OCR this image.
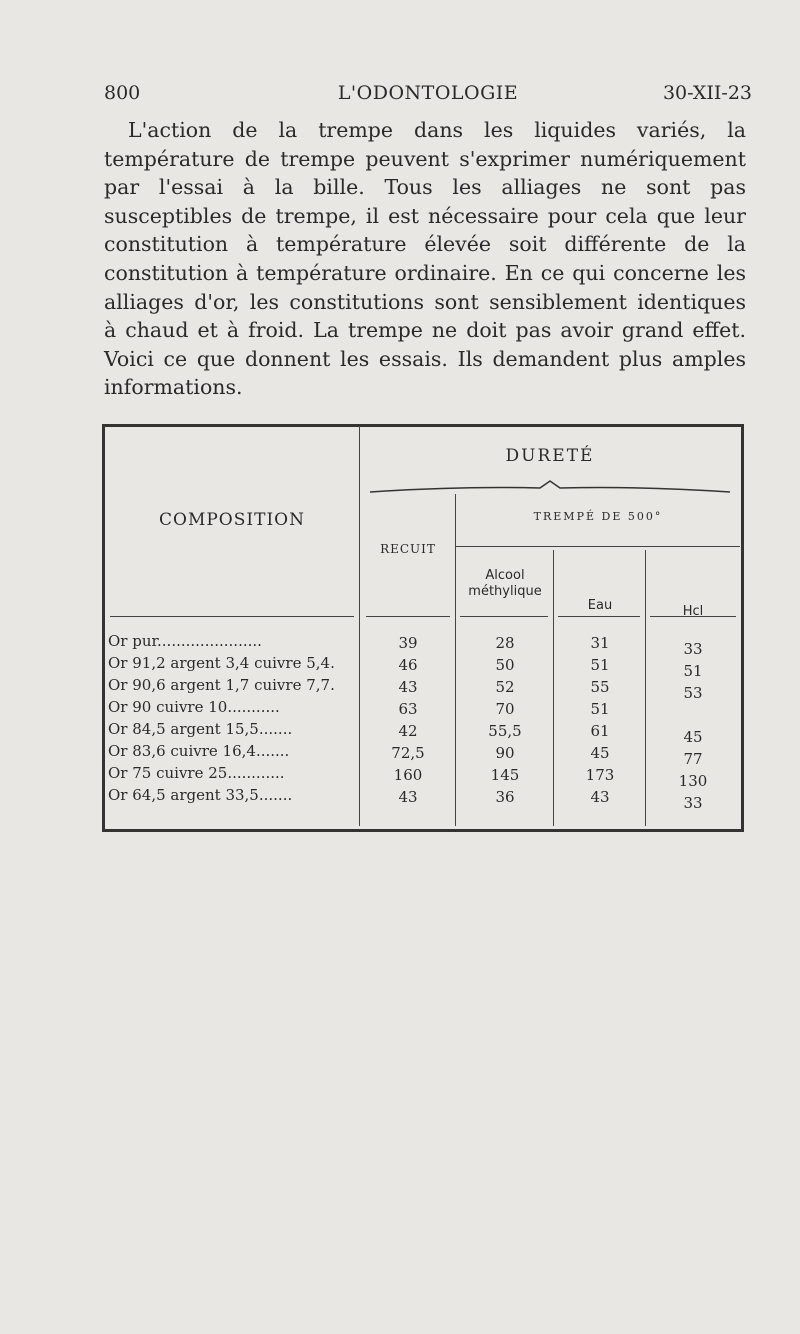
800	L'ODONTOLOGIE	30-XII-23

L'action de la trempe dans les liquides variés, la température de trempe peuvent s'exprimer numériquement par l'essai à la bille. Tous les alliages ne sont pas susceptibles de trempe, il est nécessaire pour cela que leur constitution à température élevée soit différente de la constitution à température ordinaire. En ce qui concerne les alliages d'or, les constitutions sont sensiblement identiques à chaud et à froid. La trempe ne doit pas avoir grand effet. Voici ce que donnent les essais. Ils demandent plus amples informations.

COMPOSITION
DURETÉ
RECUIT
TREMPÉ DE 500°
Alcool
méthylique
Eau	Hcl
Or pur......................	39	28	31	33
Or 91,2 argent 3,4 cuivre 5,4.	46	50	51	51
Or 90,6 argent 1,7 cuivre 7,7.	43	52	55	53
Or 90 cuivre 10...........	63	70	51
Or 84,5 argent 15,5.......	42	55,5	61	45
Or 83,6 cuivre 16,4.......	72,5	90	45	77
Or 75 cuivre 25............	160	145	173	130
Or 64,5 argent 33,5.......	43	36	43	33
